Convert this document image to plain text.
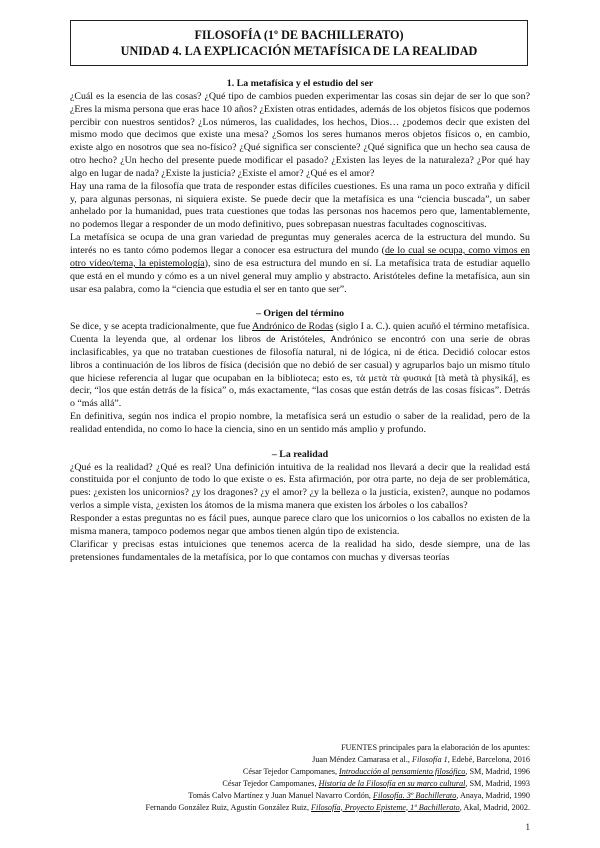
FILOSOFÍA (1º DE BACHILLERATO)
UNIDAD 4. LA EXPLICACIÓN METAFÍSICA DE LA REALIDAD

1. La metafísica y el estudio del ser

¿Cuál es la esencia de las cosas? ¿Qué tipo de cambios pueden experimentar las cosas sin dejar de ser lo que son? ¿Eres la misma persona que eras hace 10 años? ¿Existen otras entidades, además de los objetos físicos que podemos percibir con nuestros sentidos? ¿Los números, las cualidades, los hechos, Dios… ¿podemos decir que existen del mismo modo que decimos que existe una mesa? ¿Somos los seres humanos meros objetos físicos o, en cambio, existe algo en nosotros que sea no-físico? ¿Qué significa ser consciente? ¿Qué significa que un hecho sea causa de otro hecho? ¿Un hecho del presente puede modificar el pasado? ¿Existen las leyes de la naturaleza? ¿Por qué hay algo en lugar de nada? ¿Existe la justicia? ¿Existe el amor? ¿Qué es el amor?

Hay una rama de la filosofía que trata de responder estas difíciles cuestiones. Es una rama un poco extraña y difícil y, para algunas personas, ni siquiera existe. Se puede decir que la metafísica es una “ciencia buscada”, un saber anhelado por la humanidad, pues trata cuestiones que todas las personas nos hacemos pero que, lamentablemente, no podemos llegar a responder de un modo definitivo, pues sobrepasan nuestras facultades cognoscitivas.

La metafísica se ocupa de una gran variedad de preguntas muy generales acerca de la estructura del mundo. Su interés no es tanto cómo podemos llegar a conocer esa estructura del mundo (de lo cual se ocupa, como vimos en otro vídeo/tema, la epistemología), sino de esa estructura del mundo en sí. La metafísica trata de estudiar aquello que está en el mundo y cómo es a un nivel general muy amplio y abstracto. Aristóteles define la metafísica, aun sin usar esa palabra, como la “ciencia que estudia el ser en tanto que ser”.

– Origen del término

Se dice, y se acepta tradicionalmente, que fue Andrónico de Rodas (siglo I a. C.). quien acuñó el término metafísica.

Cuenta la leyenda que, al ordenar los libros de Aristóteles, Andrónico se encontró con una serie de obras inclasificables, ya que no trataban cuestiones de filosofía natural, ni de lógica, ni de ética. Decidió colocar estos libros a continuación de los libros de física (decisión que no debió de ser casual) y agruparlos bajo un mismo título que hiciese referencia al lugar que ocupaban en la biblioteca; esto es, τὰ μετὰ τὰ φυσικά [tà metà tà physiká], es decir, “los que están detrás de la física” o, más exactamente, “las cosas que están detrás de las cosas físicas”. Detrás o “más allá”.

En definitiva, según nos indica el propio nombre, la metafísica será un estudio o saber de la realidad, pero de la realidad entendida, no como lo hace la ciencia, sino en un sentido más amplio y profundo.

– La realidad

¿Qué es la realidad? ¿Qué es real? Una definición intuitiva de la realidad nos llevará a decir que la realidad está constituida por el conjunto de todo lo que existe o es. Esta afirmación, por otra parte, no deja de ser problemática, pues: ¿existen los unicornios? ¿y los dragones? ¿y el amor? ¿y la belleza o la justicia, existen?, aunque no podamos verlos a simple vista, ¿existen los átomos de la misma manera que existen los árboles o los caballos?

Responder a estas preguntas no es fácil pues, aunque parece claro que los unicornios o los caballos no existen de la misma manera, tampoco podemos negar que ambos tienen algún tipo de existencia.

Clarificar y precisas estas intuiciones que tenemos acerca de la realidad ha sido, desde siempre, una de las pretensiones fundamentales de la metafísica, por lo que contamos con muchas y diversas teorías

FUENTES principales para la elaboración de los apuntes:

Juan Méndez Camarasa et al., Filosofía 1, Edebé, Barcelona, 2016

César Tejedor Campomanes, Introducción al pensamiento filosófico, SM, Madrid, 1996

César Tejedor Campomanes, Historia de la Filosofía en su marco cultural, SM, Madrid, 1993

Tomás Calvo Martínez y Juan Manuel Navarro Cordón, Filosofía. 3º Bachillerato, Anaya, Madrid, 1990

Fernando González Ruiz, Agustín González Ruiz, Filosofía, Proyecto Episteme, 1º Bachillerato, Akal, Madrid, 2002.

1
